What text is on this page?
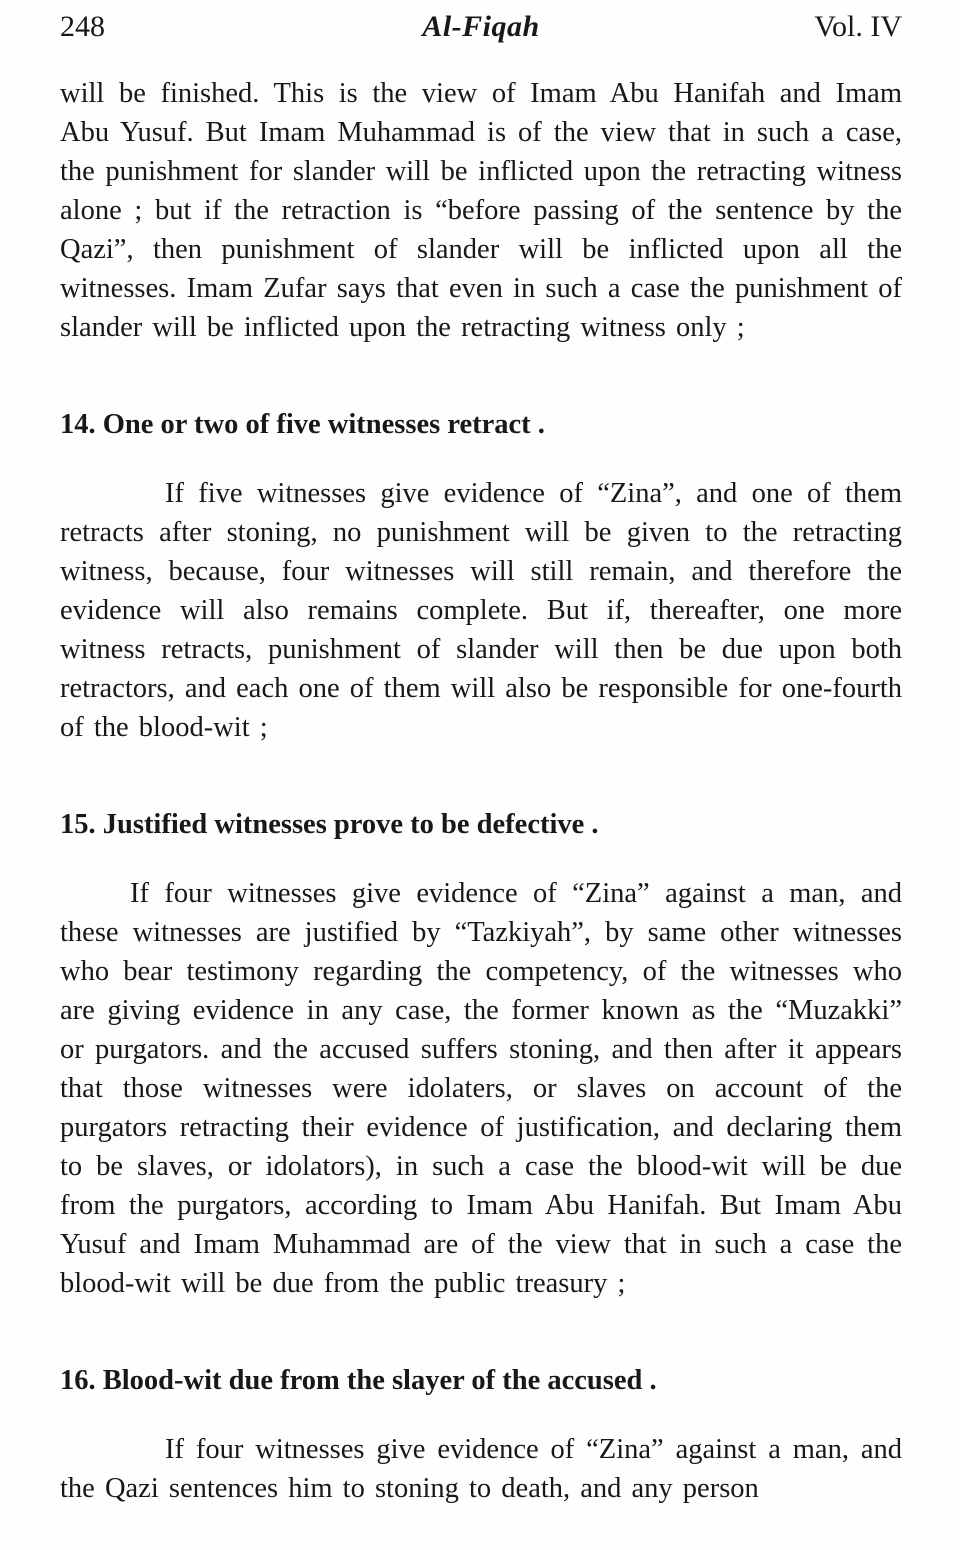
248	Al-Fiqah	Vol. IV

will be finished. This is the view of Imam Abu Hanifah and Imam Abu Yusuf. But Imam Muhammad is of the view that in such a case, the punishment for slander will be inflicted upon the retracting witness alone ; but if the retraction is “before passing of the sentence by the Qazi”, then punishment of slander will be inflicted upon all the witnesses. Imam Zufar says that even in such a case the punishment of slander will be inflicted upon the retracting witness only ;

14. One or two of five witnesses retract .

If five witnesses give evidence of “Zina”, and one of them retracts after stoning, no punishment will be given to the retracting witness, because, four witnesses will still remain, and therefore the evidence will also remains complete. But if, thereafter, one more witness retracts, punishment of slander will then be due upon both retractors, and each one of them will also be responsible for one-fourth of the blood-wit ;

15. Justified witnesses prove to be defective .

If four witnesses give evidence of “Zina” against a man, and these witnesses are justified by “Tazkiyah”, by same other witnesses who bear testimony regarding the competency, of the witnesses who are giving evidence in any case, the former known as the “Muzakki” or purgators. and the accused suffers stoning, and then after it appears that those witnesses were idolaters, or slaves on account of the purgators retracting their evidence of justification, and declaring them to be slaves, or idolators), in such a case the blood-wit will be due from the purgators, according to Imam Abu Hanifah. But Imam Abu Yusuf and Imam Muhammad are of the view that in such a case the blood-wit will be due from the public treasury ;

16. Blood-wit due from the slayer of the accused .

If four witnesses give evidence of “Zina” against a man, and the Qazi sentences him to stoning to death, and any person
